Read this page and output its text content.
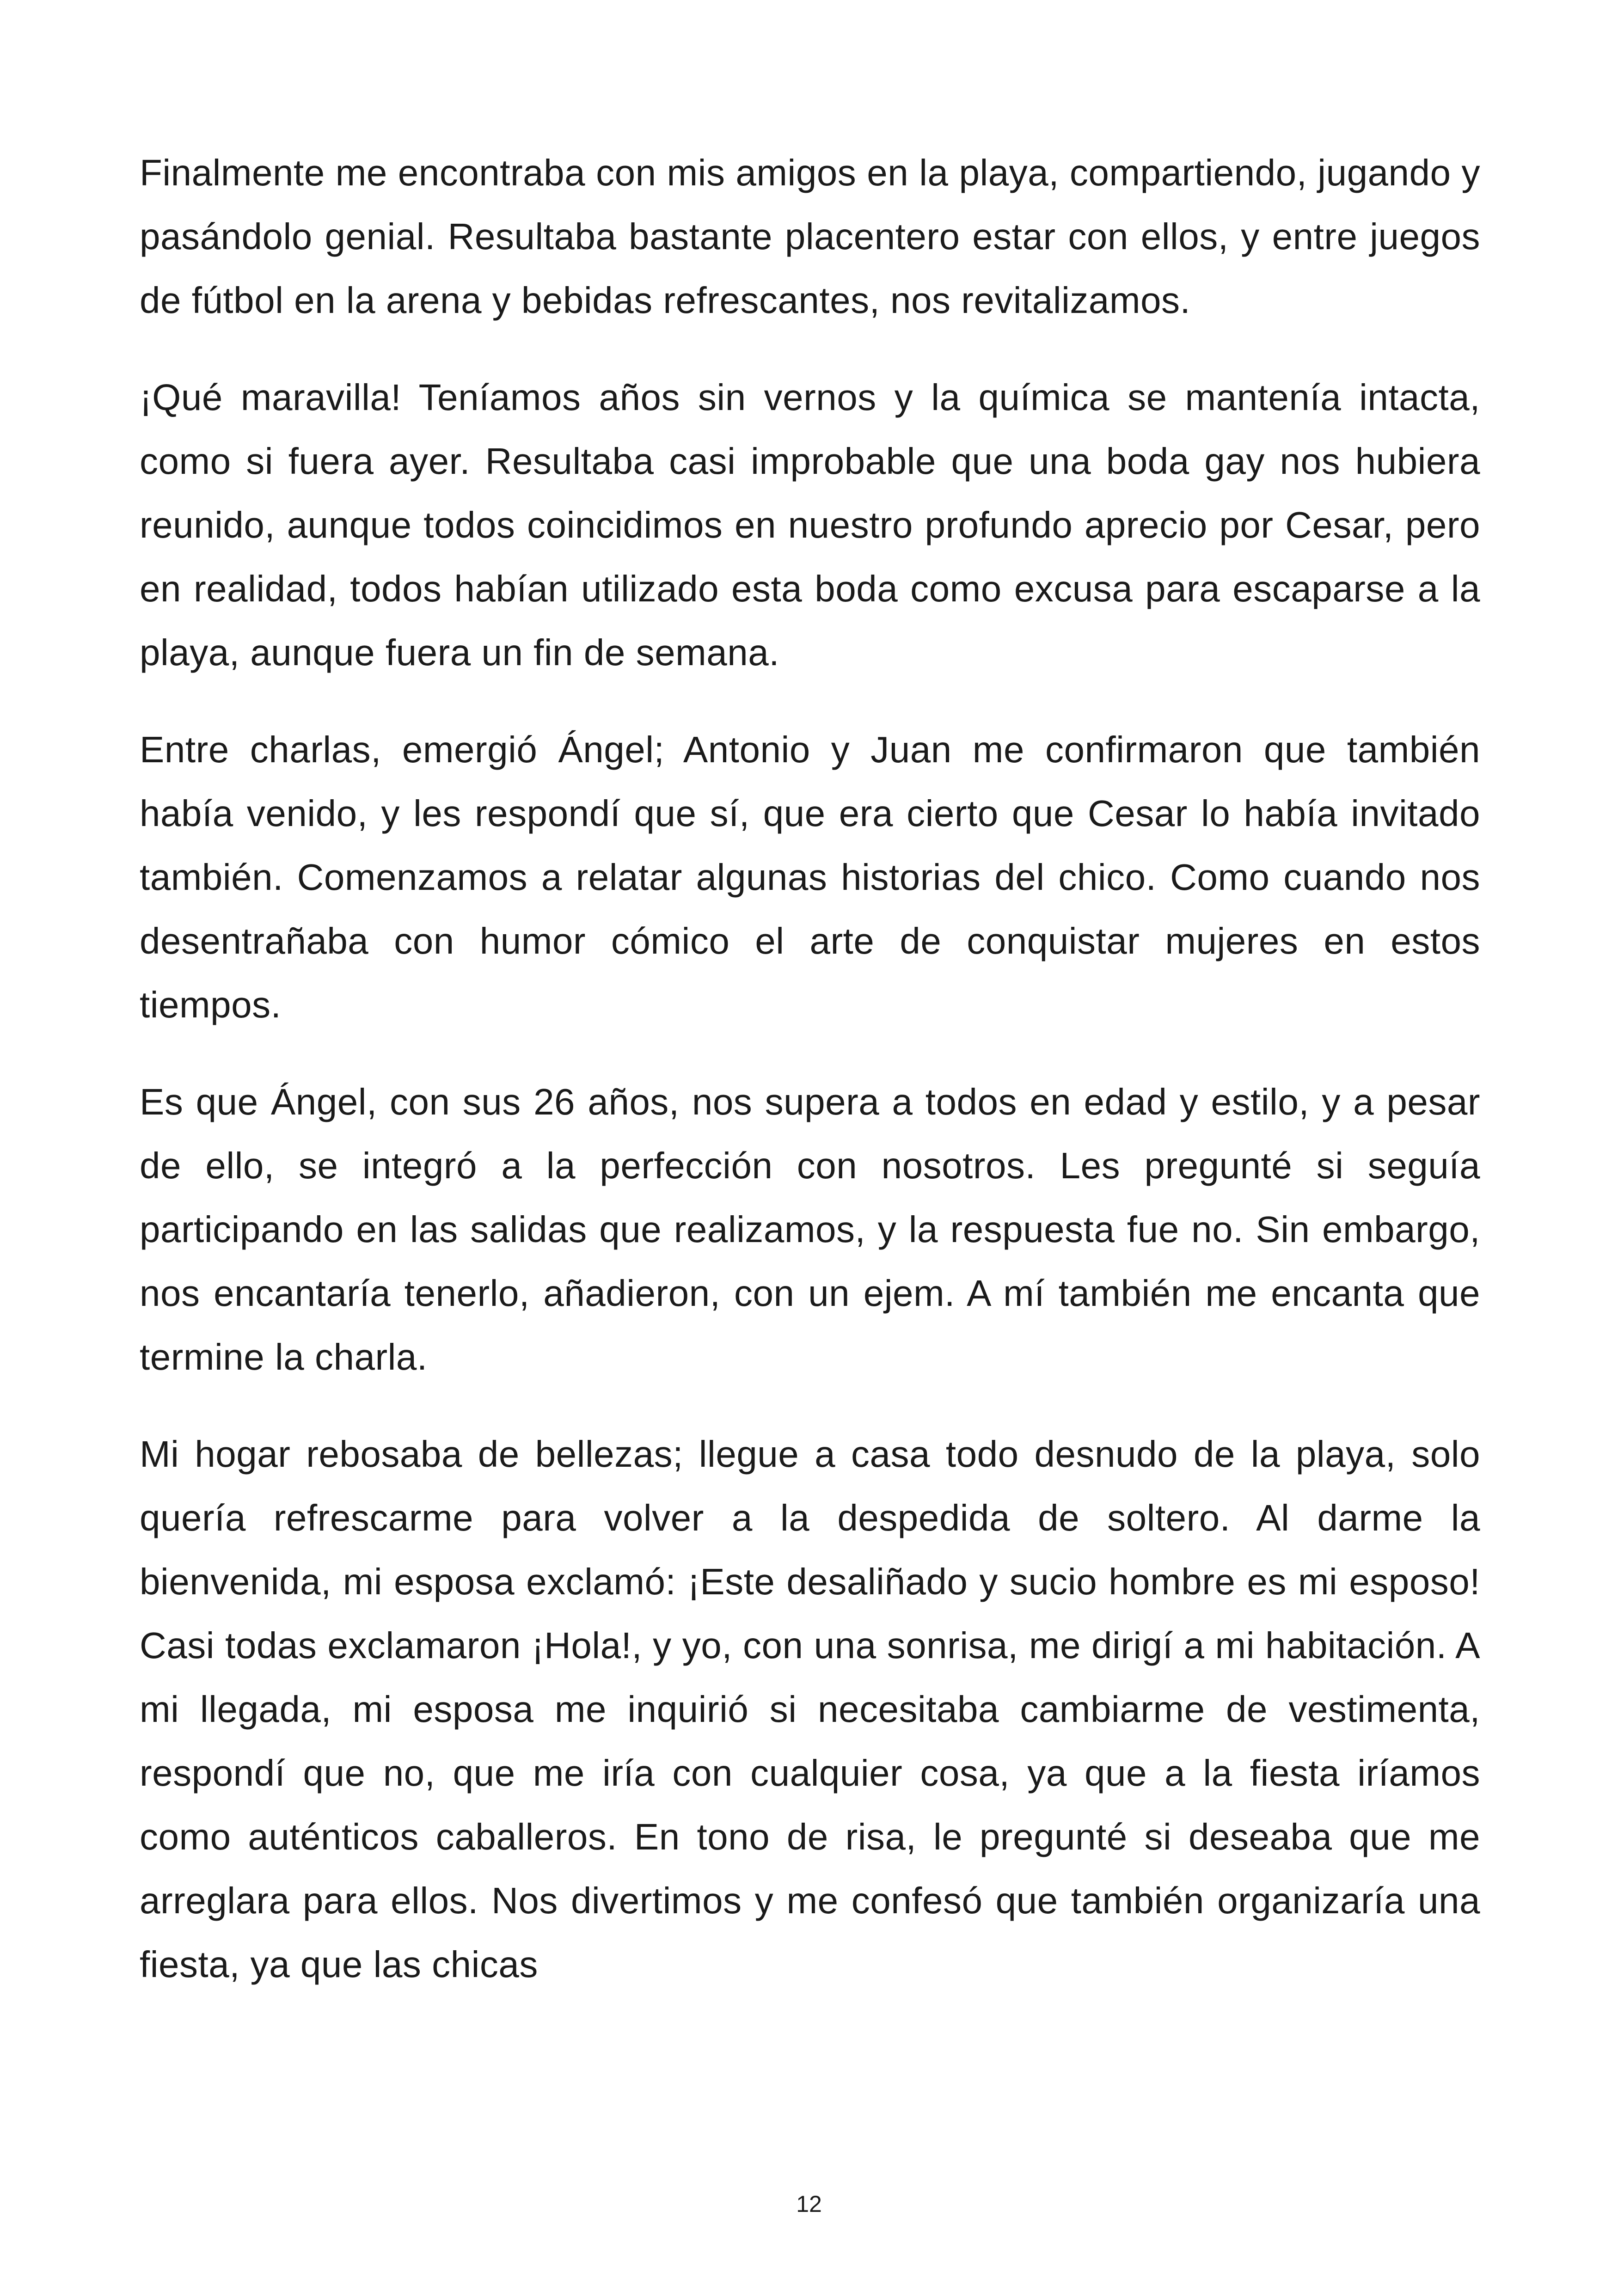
Finalmente me encontraba con mis amigos en la playa, compartiendo, jugando y pasándolo genial. Resultaba bastante placentero estar con ellos, y entre juegos de fútbol en la arena y bebidas refrescantes, nos revitalizamos.

¡Qué maravilla! Teníamos años sin vernos y la química se mantenía intacta, como si fuera ayer. Resultaba casi improbable que una boda gay nos hubiera reunido, aunque todos coincidimos en nuestro profundo aprecio por Cesar, pero en realidad, todos habían utilizado esta boda como excusa para escaparse a la playa, aunque fuera un fin de semana.

Entre charlas, emergió Ángel; Antonio y Juan me confirmaron que también había venido, y les respondí que sí, que era cierto que Cesar lo había invitado también. Comenzamos a relatar algunas historias del chico. Como cuando nos desentrañaba con humor cómico el arte de conquistar mujeres en estos tiempos.

Es que Ángel, con sus 26 años, nos supera a todos en edad y estilo, y a pesar de ello, se integró a la perfección con nosotros. Les pregunté si seguía participando en las salidas que realizamos, y la respuesta fue no. Sin embargo, nos encantaría tenerlo, añadieron, con un ejem. A mí también me encanta que termine la charla.

Mi hogar rebosaba de bellezas; llegue a casa todo desnudo de la playa, solo quería refrescarme para volver a la despedida de soltero. Al darme la bienvenida, mi esposa exclamó: ¡Este desaliñado y sucio hombre es mi esposo! Casi todas exclamaron ¡Hola!, y yo, con una sonrisa, me dirigí a mi habitación. A mi llegada, mi esposa me inquirió si necesitaba cambiarme de vestimenta, respondí que no, que me iría con cualquier cosa, ya que a la fiesta iríamos como auténticos caballeros. En tono de risa, le pregunté si deseaba que me arreglara para ellos. Nos divertimos y me confesó que también organizaría una fiesta, ya que las chicas

12
